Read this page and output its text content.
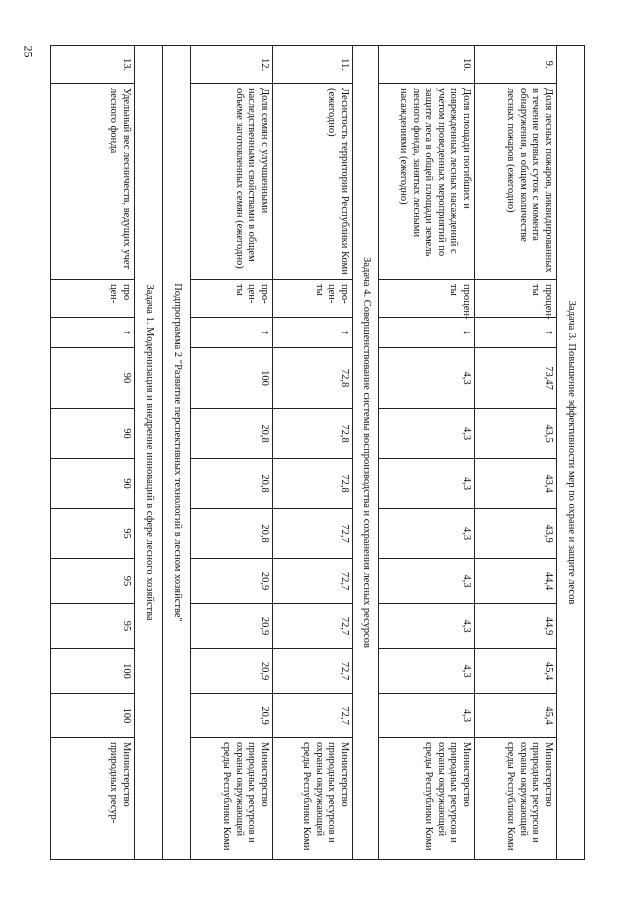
25
Задача 3. Повышение эффективности мер по охране и защите лесов												
9.	Доля лесных пожаров, ликвидированных в течение первых суток с момента обнаружения, в общем количестве лесных пожаров (ежегодно)	процен-ты	↑	73,47	43,5	43,4	43,9	44,4	44,9	45,4	45,4	Министерство природных ресурсов и охраны окружающей среды Республики Коми
10.	Доля площади погибших и поврежденных лесных насаждений с учетом проведенных мероприятий по защите леса в общей площади земель лесного фонда, занятых лесными насаждениями (ежегодно)	процен-ты	↓	4,3	4,3	4,3	4,3	4,3	4,3	4,3	4,3	Министерство природных ресурсов и охраны окружающей среды Республики Коми
Задача 4. Совершенствование системы воспроизводства и сохранения лесных ресурсов												
11.	Лесистость территории Республики Коми (ежегодно)	про-цен-ты	↑	72,8	72,8	72,8	72,7	72,7	72,7	72,7	72,7	Министерство природных ресурсов и охраны окружающей среды Республики Коми
12.	Доля семян с улучшенными наследственными свойствами в общем объеме заготовленных семян (ежегодно)	про-цен-ты	↑	100	20,8	20,8	20,8	20,9	20,9	20,9	20,9	Министерство природных ресурсов и охраны окружающей среды Республики Коми
Подпрограмма 2 "Развитие перспективных технологий в лесном хозяйстве"												
Задача 1. Модернизация и внедрение инноваций в сфере лесного хозяйства												
13.	Удельный вес лесничеств, ведущих учет лесного фонда	про цен-	↑	90	90	90	95	95	95	100	100	Министерство природных ресур-
